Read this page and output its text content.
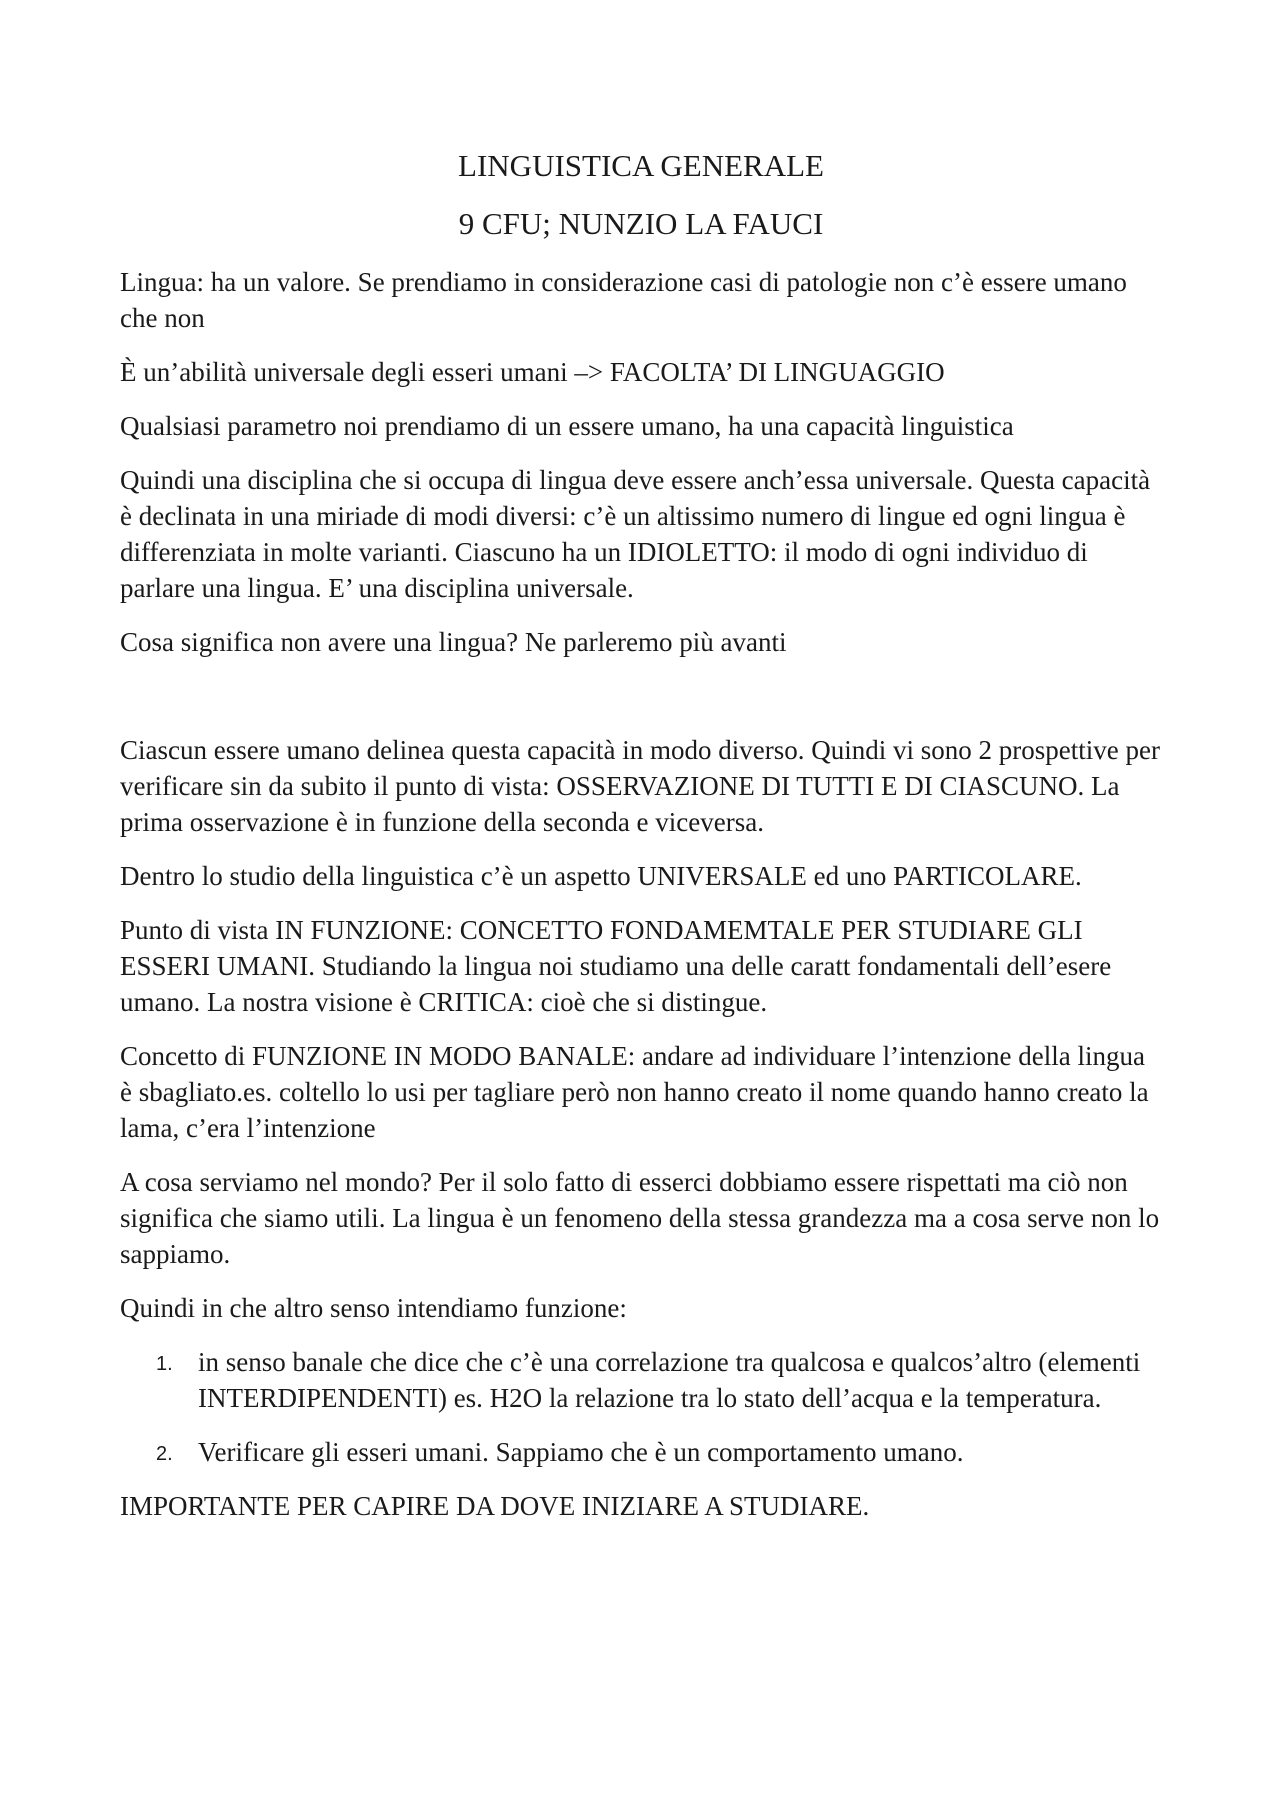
LINGUISTICA GENERALE
9 CFU; NUNZIO LA FAUCI

Lingua: ha un valore. Se prendiamo in considerazione casi di patologie non c’è essere umano che non

È un’abilità universale degli esseri umani –> FACOLTA’ DI LINGUAGGIO

Qualsiasi parametro noi prendiamo di un essere umano, ha una capacità linguistica

Quindi una disciplina che si occupa di lingua deve essere anch’essa universale. Questa capacità è declinata in una miriade di modi diversi: c’è un altissimo numero di lingue ed ogni lingua è differenziata in molte varianti. Ciascuno ha un IDIOLETTO: il modo di ogni individuo di parlare una lingua. E’ una disciplina universale.

Cosa significa non avere una lingua? Ne parleremo più avanti

Ciascun essere umano delinea questa capacità in modo diverso. Quindi vi sono 2 prospettive per verificare sin da subito il punto di vista: OSSERVAZIONE DI TUTTI E DI CIASCUNO. La prima osservazione è in funzione della seconda e viceversa.

Dentro lo studio della linguistica c’è un aspetto UNIVERSALE ed uno PARTICOLARE.

Punto di vista IN FUNZIONE: CONCETTO FONDAMEMTALE PER STUDIARE GLI ESSERI UMANI. Studiando la lingua noi studiamo una delle caratt fondamentali dell’esere umano. La nostra visione è CRITICA: cioè che si distingue.

Concetto di FUNZIONE IN MODO BANALE: andare ad individuare l’intenzione della lingua è sbagliato.es. coltello lo usi per tagliare però non hanno creato il nome quando hanno creato la lama, c’era l’intenzione

A cosa serviamo nel mondo? Per il solo fatto di esserci dobbiamo essere rispettati ma ciò non significa che siamo utili. La lingua è un fenomeno della stessa grandezza ma a cosa serve non lo sappiamo.

Quindi in che altro senso intendiamo funzione:

1. in senso banale che dice che c’è una correlazione tra qualcosa e qualcos’altro (elementi INTERDIPENDENTI) es. H2O la relazione tra lo stato dell’acqua e la temperatura.
2. Verificare gli esseri umani. Sappiamo che è un comportamento umano.

IMPORTANTE PER CAPIRE DA DOVE INIZIARE A STUDIARE.
